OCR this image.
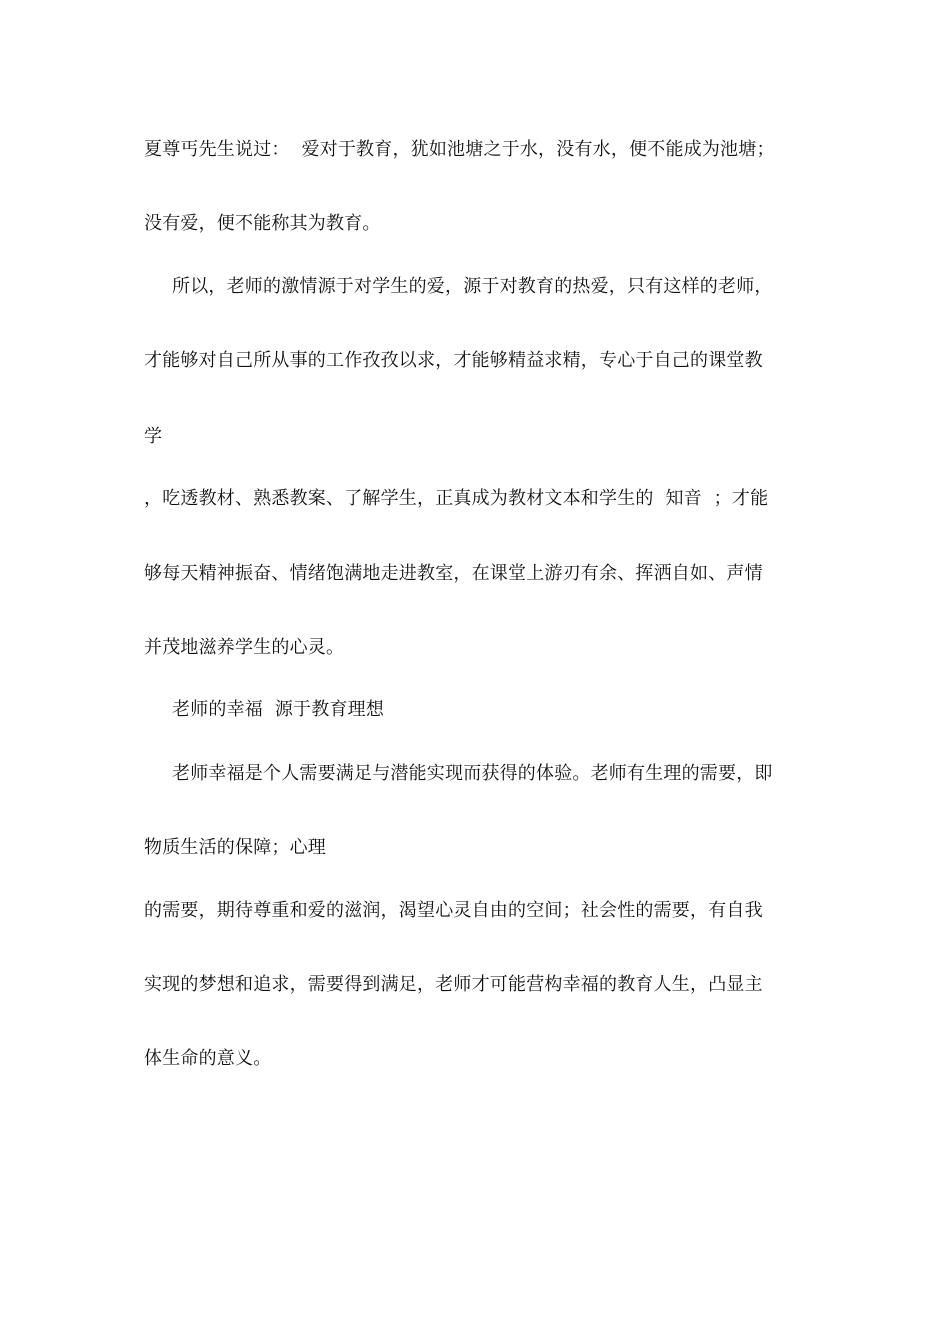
夏尊丐先生说过：  爱对于教育，犹如池塘之于水，没有水，便不能成为池塘；
没有爱，便不能称其为教育。
所以，老师的激情源于对学生的爱，源于对教育的热爱，只有这样的老师，
才能够对自己所从事的工作孜孜以求，才能够精益求精，专心于自己的课堂教
学
，吃透教材、熟悉教案、了解学生，正真成为教材文本和学生的  知音  ；才能
够每天精神振奋、情绪饱满地走进教室，在课堂上游刃有余、挥洒自如、声情
并茂地滋养学生的心灵。
老师的幸福  源于教育理想
老师幸福是个人需要满足与潜能实现而获得的体验。老师有生理的需要，即
物质生活的保障；心理
的需要，期待尊重和爱的滋润，渴望心灵自由的空间；社会性的需要，有自我
实现的梦想和追求，需要得到满足，老师才可能营构幸福的教育人生，凸显主
体生命的意义。
